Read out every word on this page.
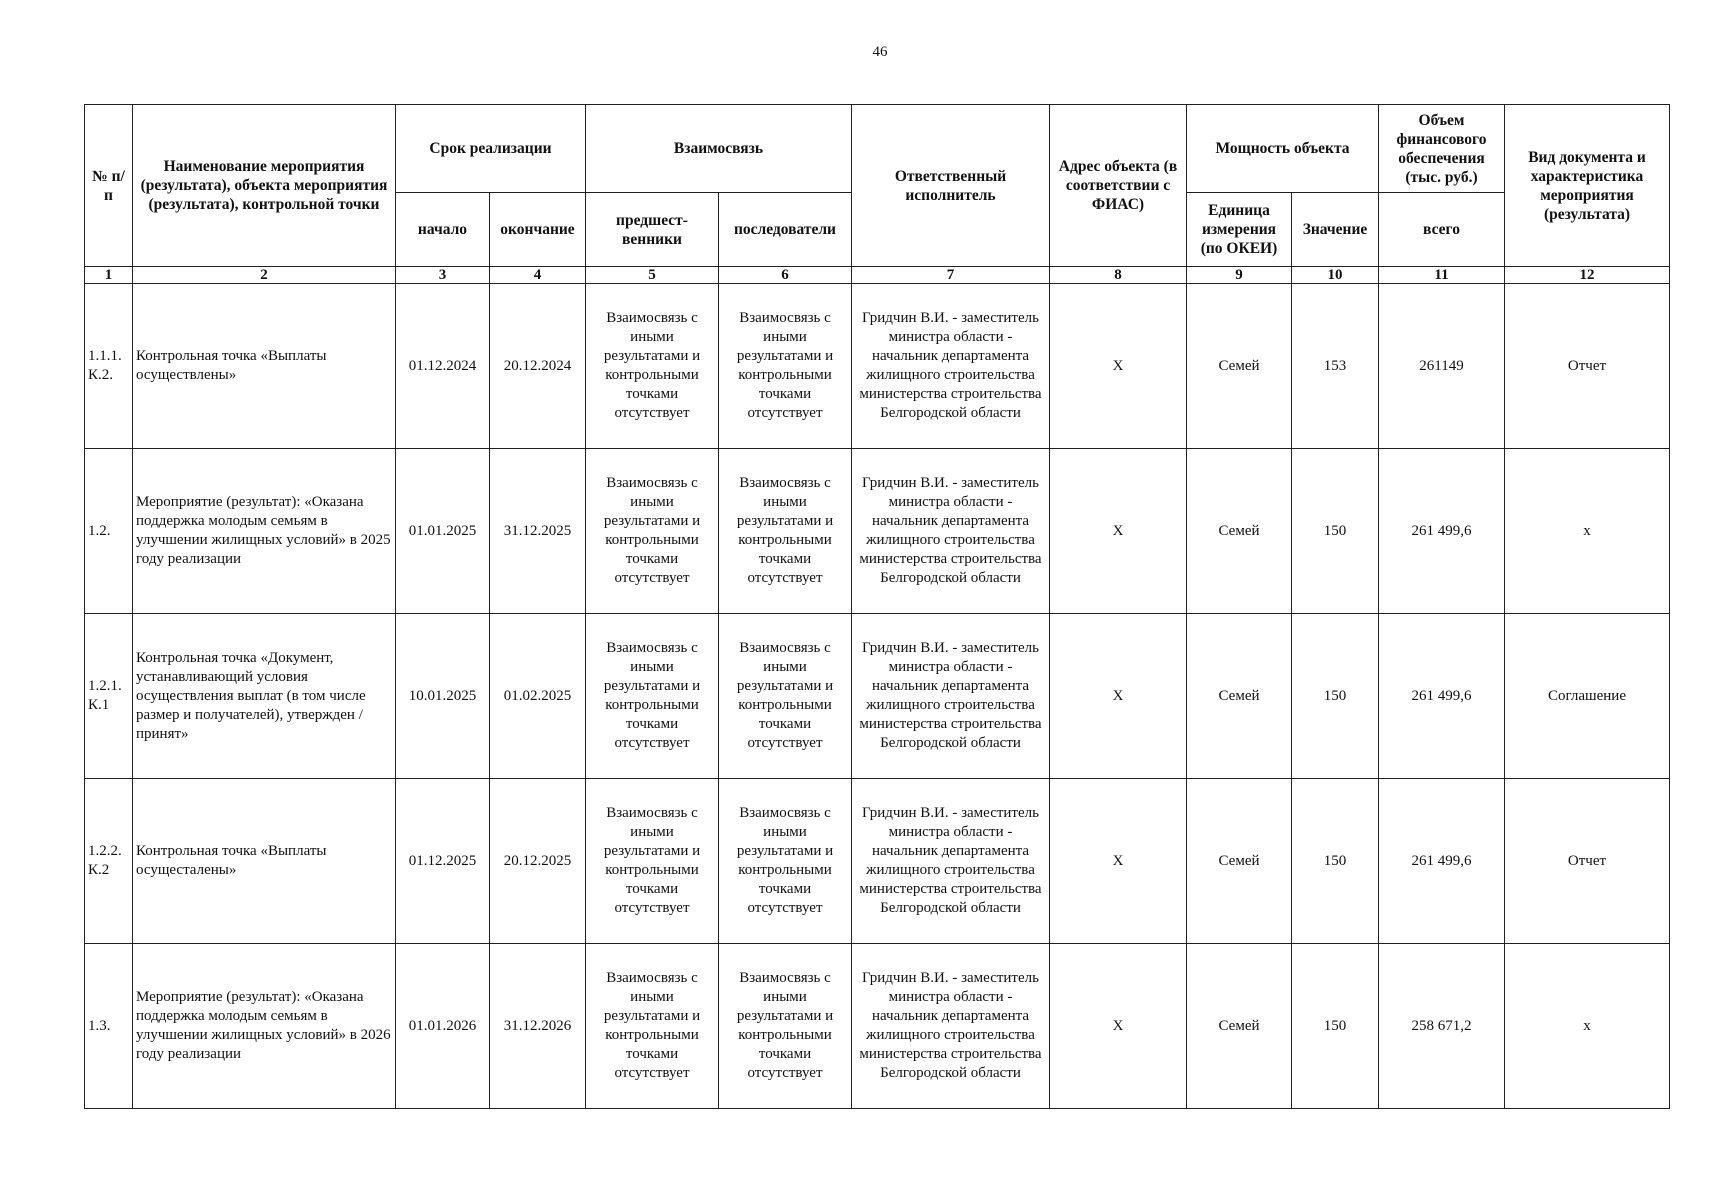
46
№ п/п	Наименование мероприятия (результата), объекта мероприятия (результата), контрольной точки	Срок реализации		Взаимосвязь		Ответственный исполнитель	Адрес объекта (в соответствии с ФИАС)	Мощность объекта		Объем финансового обеспечения (тыс. руб.)	Вид документа и характеристика мероприятия (результата)
		начало	окончание	предшест-венники	последователи			Единица измерения (по ОКЕИ)	Значение	всего	
1	2	3	4	5	6	7	8	9	10	11	12
1.1.1. К.2.	Контрольная точка «Выплаты осуществлены»	01.12.2024	20.12.2024	Взаимосвязь с иными результатами и контрольными точками отсутствует	Взаимосвязь с иными результатами и контрольными точками отсутствует	Гридчин В.И. - заместитель министра области - начальник департамента жилищного строительства министерства строительства Белгородской области	X	Семей	153	261149	Отчет
1.2.	Мероприятие (результат): «Оказана поддержка молодым семьям в улучшении жилищных условий» в 2025 году реализации	01.01.2025	31.12.2025	Взаимосвязь с иными результатами и контрольными точками отсутствует	Взаимосвязь с иными результатами и контрольными точками отсутствует	Гридчин В.И. - заместитель министра области - начальник департамента жилищного строительства министерства строительства Белгородской области	X	Семей	150	261 499,6	x
1.2.1. К.1	Контрольная точка «Документ, устанавливающий условия осуществления выплат (в том числе размер и получателей), утвержден / принят»	10.01.2025	01.02.2025	Взаимосвязь с иными результатами и контрольными точками отсутствует	Взаимосвязь с иными результатами и контрольными точками отсутствует	Гридчин В.И. - заместитель министра области - начальник департамента жилищного строительства министерства строительства Белгородской области	X	Семей	150	261 499,6	Соглашение
1.2.2. К.2	Контрольная точка «Выплаты осущесталены»	01.12.2025	20.12.2025	Взаимосвязь с иными результатами и контрольными точками отсутствует	Взаимосвязь с иными результатами и контрольными точками отсутствует	Гридчин В.И. - заместитель министра области - начальник департамента жилищного строительства министерства строительства Белгородской области	X	Семей	150	261 499,6	Отчет
1.3.	Мероприятие (результат): «Оказана поддержка молодым семьям в улучшении жилищных условий» в 2026 году реализации	01.01.2026	31.12.2026	Взаимосвязь с иными результатами и контрольными точками отсутствует	Взаимосвязь с иными результатами и контрольными точками отсутствует	Гридчин В.И. - заместитель министра области - начальник департамента жилищного строительства министерства строительства Белгородской области	X	Семей	150	258 671,2	x
